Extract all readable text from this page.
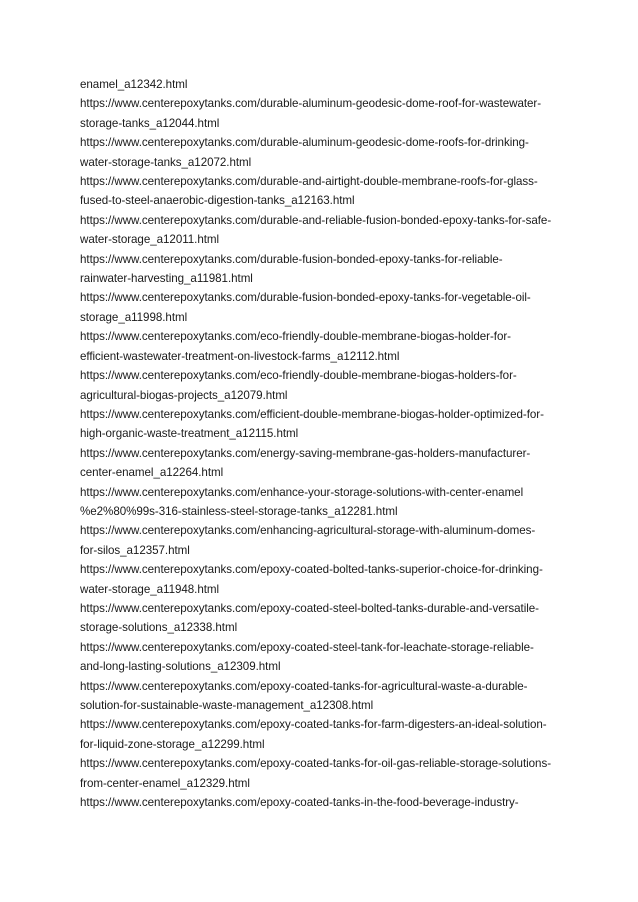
enamel_a12342.html
https://www.centerepoxytanks.com/durable-aluminum-geodesic-dome-roof-for-wastewater-
storage-tanks_a12044.html
https://www.centerepoxytanks.com/durable-aluminum-geodesic-dome-roofs-for-drinking-
water-storage-tanks_a12072.html
https://www.centerepoxytanks.com/durable-and-airtight-double-membrane-roofs-for-glass-
fused-to-steel-anaerobic-digestion-tanks_a12163.html
https://www.centerepoxytanks.com/durable-and-reliable-fusion-bonded-epoxy-tanks-for-safe-
water-storage_a12011.html
https://www.centerepoxytanks.com/durable-fusion-bonded-epoxy-tanks-for-reliable-
rainwater-harvesting_a11981.html
https://www.centerepoxytanks.com/durable-fusion-bonded-epoxy-tanks-for-vegetable-oil-
storage_a11998.html
https://www.centerepoxytanks.com/eco-friendly-double-membrane-biogas-holder-for-
efficient-wastewater-treatment-on-livestock-farms_a12112.html
https://www.centerepoxytanks.com/eco-friendly-double-membrane-biogas-holders-for-
agricultural-biogas-projects_a12079.html
https://www.centerepoxytanks.com/efficient-double-membrane-biogas-holder-optimized-for-
high-organic-waste-treatment_a12115.html
https://www.centerepoxytanks.com/energy-saving-membrane-gas-holders-manufacturer-
center-enamel_a12264.html
https://www.centerepoxytanks.com/enhance-your-storage-solutions-with-center-enamel
%e2%80%99s-316-stainless-steel-storage-tanks_a12281.html
https://www.centerepoxytanks.com/enhancing-agricultural-storage-with-aluminum-domes-
for-silos_a12357.html
https://www.centerepoxytanks.com/epoxy-coated-bolted-tanks-superior-choice-for-drinking-
water-storage_a11948.html
https://www.centerepoxytanks.com/epoxy-coated-steel-bolted-tanks-durable-and-versatile-
storage-solutions_a12338.html
https://www.centerepoxytanks.com/epoxy-coated-steel-tank-for-leachate-storage-reliable-
and-long-lasting-solutions_a12309.html
https://www.centerepoxytanks.com/epoxy-coated-tanks-for-agricultural-waste-a-durable-
solution-for-sustainable-waste-management_a12308.html
https://www.centerepoxytanks.com/epoxy-coated-tanks-for-farm-digesters-an-ideal-solution-
for-liquid-zone-storage_a12299.html
https://www.centerepoxytanks.com/epoxy-coated-tanks-for-oil-gas-reliable-storage-solutions-
from-center-enamel_a12329.html
https://www.centerepoxytanks.com/epoxy-coated-tanks-in-the-food-beverage-industry-
